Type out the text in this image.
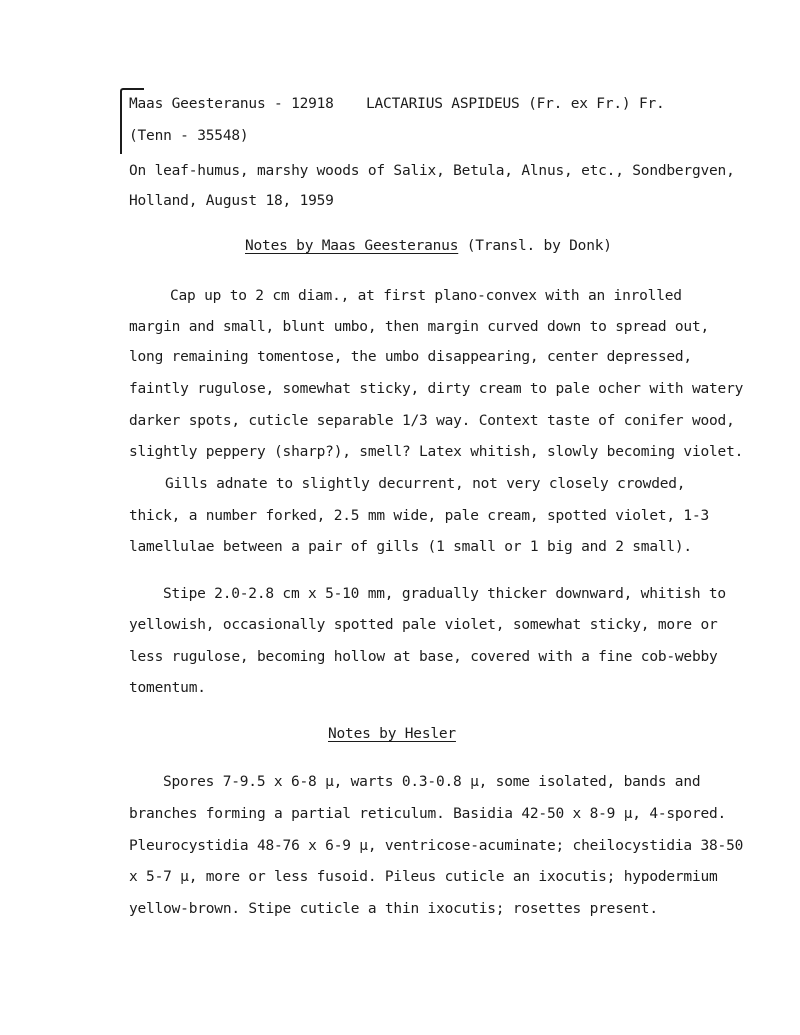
Maas Geesteranus - 12918 LACTARIUS ASPIDEUS (Fr. ex Fr.) Fr.
(Tenn - 35548)
On leaf-humus, marshy woods of Salix, Betula, Alnus, etc., Sondbergven,
Holland, August 18, 1959
Notes by Maas Geesteranus (Transl. by Donk)
Cap up to 2 cm diam., at first plano-convex with an inrolled
margin and small, blunt umbo, then margin curved down to spread out,
long remaining tomentose, the umbo disappearing, center depressed,
faintly rugulose, somewhat sticky, dirty cream to pale ocher with watery
darker spots, cuticle separable 1/3 way. Context taste of conifer wood,
slightly peppery (sharp?), smell? Latex whitish, slowly becoming violet.
Gills adnate to slightly decurrent, not very closely crowded,
thick, a number forked, 2.5 mm wide, pale cream, spotted violet, 1-3
lamellulae between a pair of gills (1 small or 1 big and 2 small).
Stipe 2.0-2.8 cm x 5-10 mm, gradually thicker downward, whitish to
yellowish, occasionally spotted pale violet, somewhat sticky, more or
less rugulose, becoming hollow at base, covered with a fine cob-webby
tomentum.
Notes by Hesler
Spores 7-9.5 x 6-8 µ, warts 0.3-0.8 µ, some isolated, bands and
branches forming a partial reticulum. Basidia 42-50 x 8-9 µ, 4-spored.
Pleurocystidia 48-76 x 6-9 µ, ventricose-acuminate; cheilocystidia 38-50
x 5-7 µ, more or less fusoid. Pileus cuticle an ixocutis; hypodermium
yellow-brown. Stipe cuticle a thin ixocutis; rosettes present.
